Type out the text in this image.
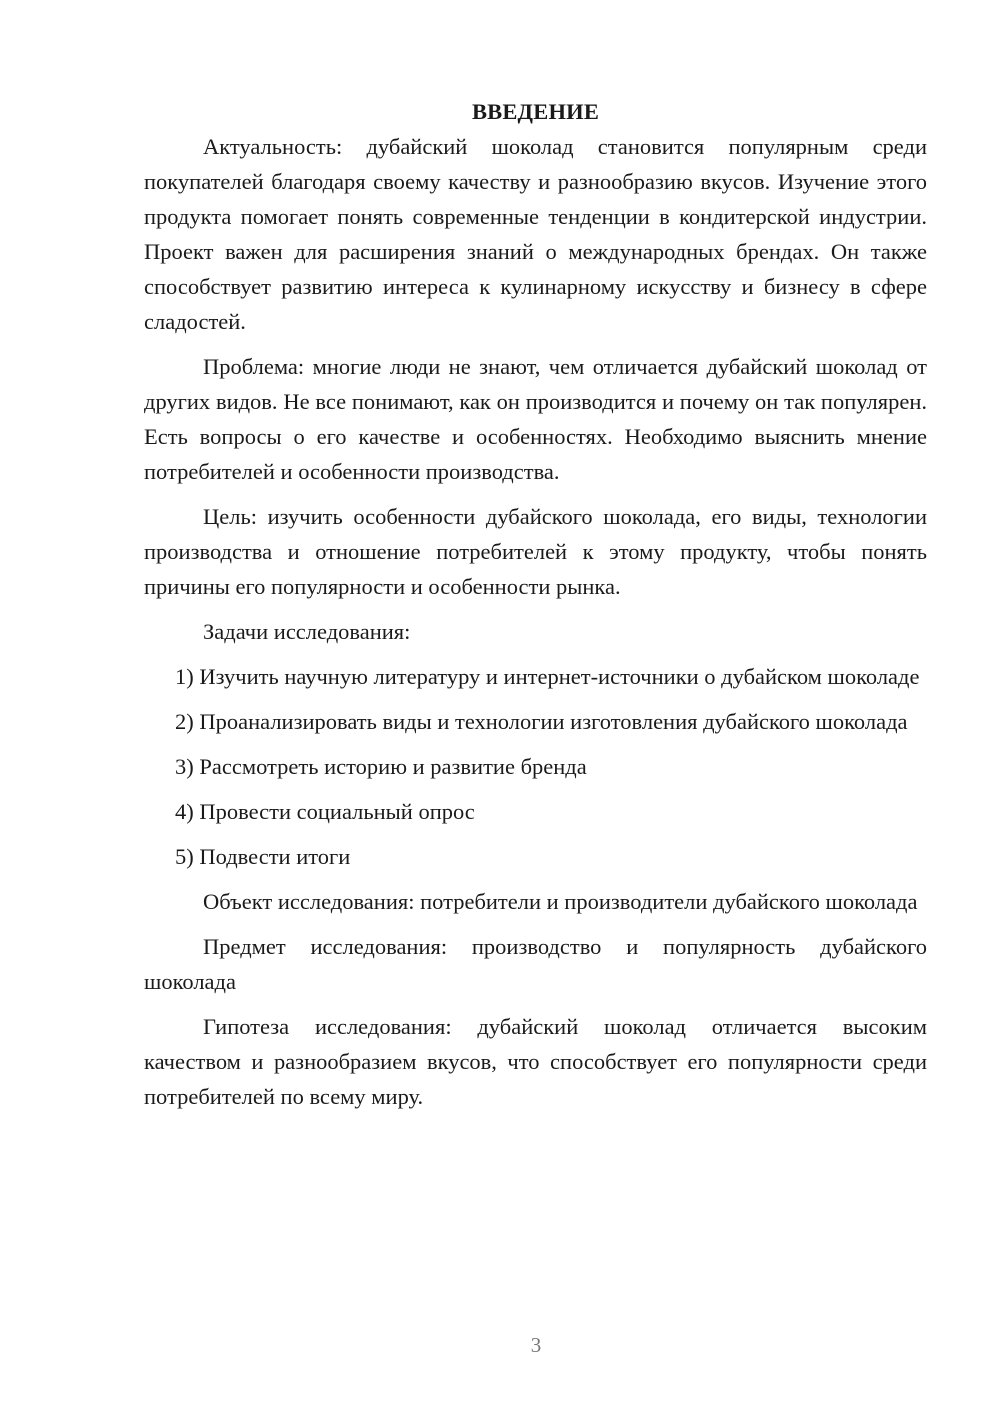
ВВЕДЕНИЕ

Актуальность: дубайский шоколад становится популярным среди покупателей благодаря своему качеству и разнообразию вкусов. Изучение этого продукта помогает понять современные тенденции в кондитерской индустрии. Проект важен для расширения знаний о международных брендах. Он также способствует развитию интереса к кулинарному искусству и бизнесу в сфере сладостей.

Проблема: многие люди не знают, чем отличается дубайский шоколад от других видов. Не все понимают, как он производится и почему он так популярен. Есть вопросы о его качестве и особенностях. Необходимо выяснить мнение потребителей и особенности производства.

Цель: изучить особенности дубайского шоколада, его виды, технологии производства и отношение потребителей к этому продукту, чтобы понять причины его популярности и особенности рынка.

Задачи исследования:

1) Изучить научную литературу и интернет-источники о дубайском шоколаде

2) Проанализировать виды и технологии изготовления дубайского шоколада

3) Рассмотреть историю и развитие бренда

4) Провести социальный опрос

5) Подвести итоги

Объект исследования: потребители и производители дубайского шоколада

Предмет исследования: производство и популярность дубайского шоколада

Гипотеза исследования: дубайский шоколад отличается высоким качеством и разнообразием вкусов, что способствует его популярности среди потребителей по всему миру.

3
